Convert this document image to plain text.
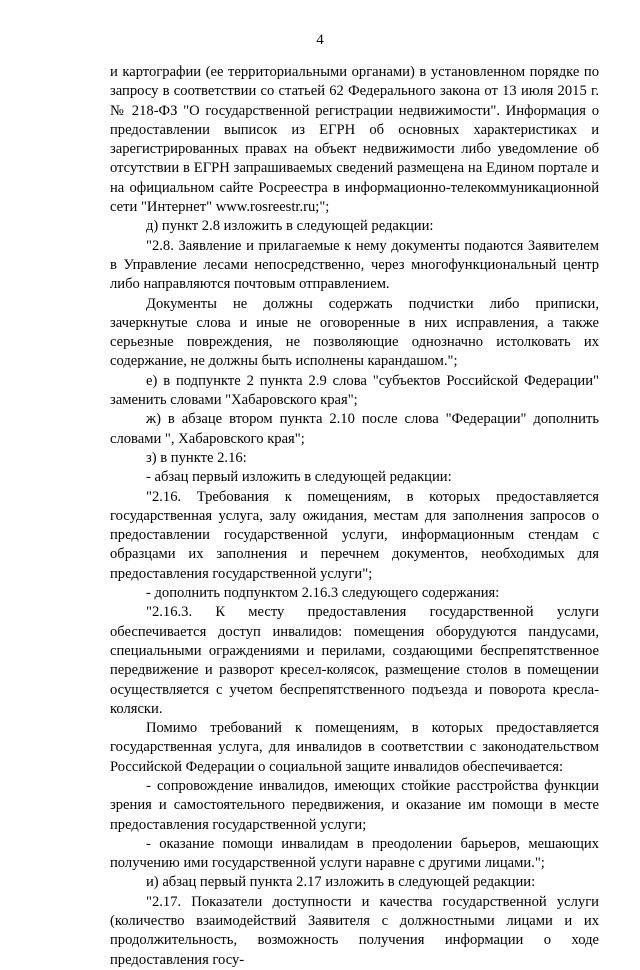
4

и картографии (ее территориальными органами) в установленном порядке по запросу в соответствии со статьей 62 Федерального закона от 13 июля 2015 г. № 218-ФЗ "О государственной регистрации недвижимости". Информация о предоставлении выписок из ЕГРН об основных характеристиках и зарегистрированных правах на объект недвижимости либо уведомление об отсутствии в ЕГРН запрашиваемых сведений размещена на Едином портале и на официальном сайте Росреестра в информационно-телекоммуникационной сети "Интернет" www.rosreestr.ru;";

д) пункт 2.8 изложить в следующей редакции:

"2.8. Заявление и прилагаемые к нему документы подаются Заявителем в Управление лесами непосредственно, через многофункциональный центр либо направляются почтовым отправлением.

Документы не должны содержать подчистки либо приписки, зачеркнутые слова и иные не оговоренные в них исправления, а также серьезные повреждения, не позволяющие однозначно истолковать их содержание, не должны быть исполнены карандашом.";

е) в подпункте 2 пункта 2.9 слова "субъектов Российской Федерации" заменить словами "Хабаровского края";

ж) в абзаце втором пункта 2.10 после слова "Федерации" дополнить словами ", Хабаровского края";

з) в пункте 2.16:

- абзац первый изложить в следующей редакции:

"2.16. Требования к помещениям, в которых предоставляется государственная услуга, залу ожидания, местам для заполнения запросов о предоставлении государственной услуги, информационным стендам с образцами их заполнения и перечнем документов, необходимых для предоставления государственной услуги";

- дополнить подпунктом 2.16.3 следующего содержания:

"2.16.3. К месту предоставления государственной услуги обеспечивается доступ инвалидов: помещения оборудуются пандусами, специальными ограждениями и перилами, создающими беспрепятственное передвижение и разворот кресел-колясок, размещение столов в помещении осуществляется с учетом беспрепятственного подъезда и поворота кресла-коляски.

Помимо требований к помещениям, в которых предоставляется государственная услуга, для инвалидов в соответствии с законодательством Российской Федерации о социальной защите инвалидов обеспечивается:

- сопровождение инвалидов, имеющих стойкие расстройства функции зрения и самостоятельного передвижения, и оказание им помощи в месте предоставления государственной услуги;

- оказание помощи инвалидам в преодолении барьеров, мешающих получению ими государственной услуги наравне с другими лицами.";

и) абзац первый пункта 2.17 изложить в следующей редакции:

"2.17. Показатели доступности и качества государственной услуги (количество взаимодействий Заявителя с должностными лицами и их продолжительность, возможность получения информации о ходе предоставления госу-
